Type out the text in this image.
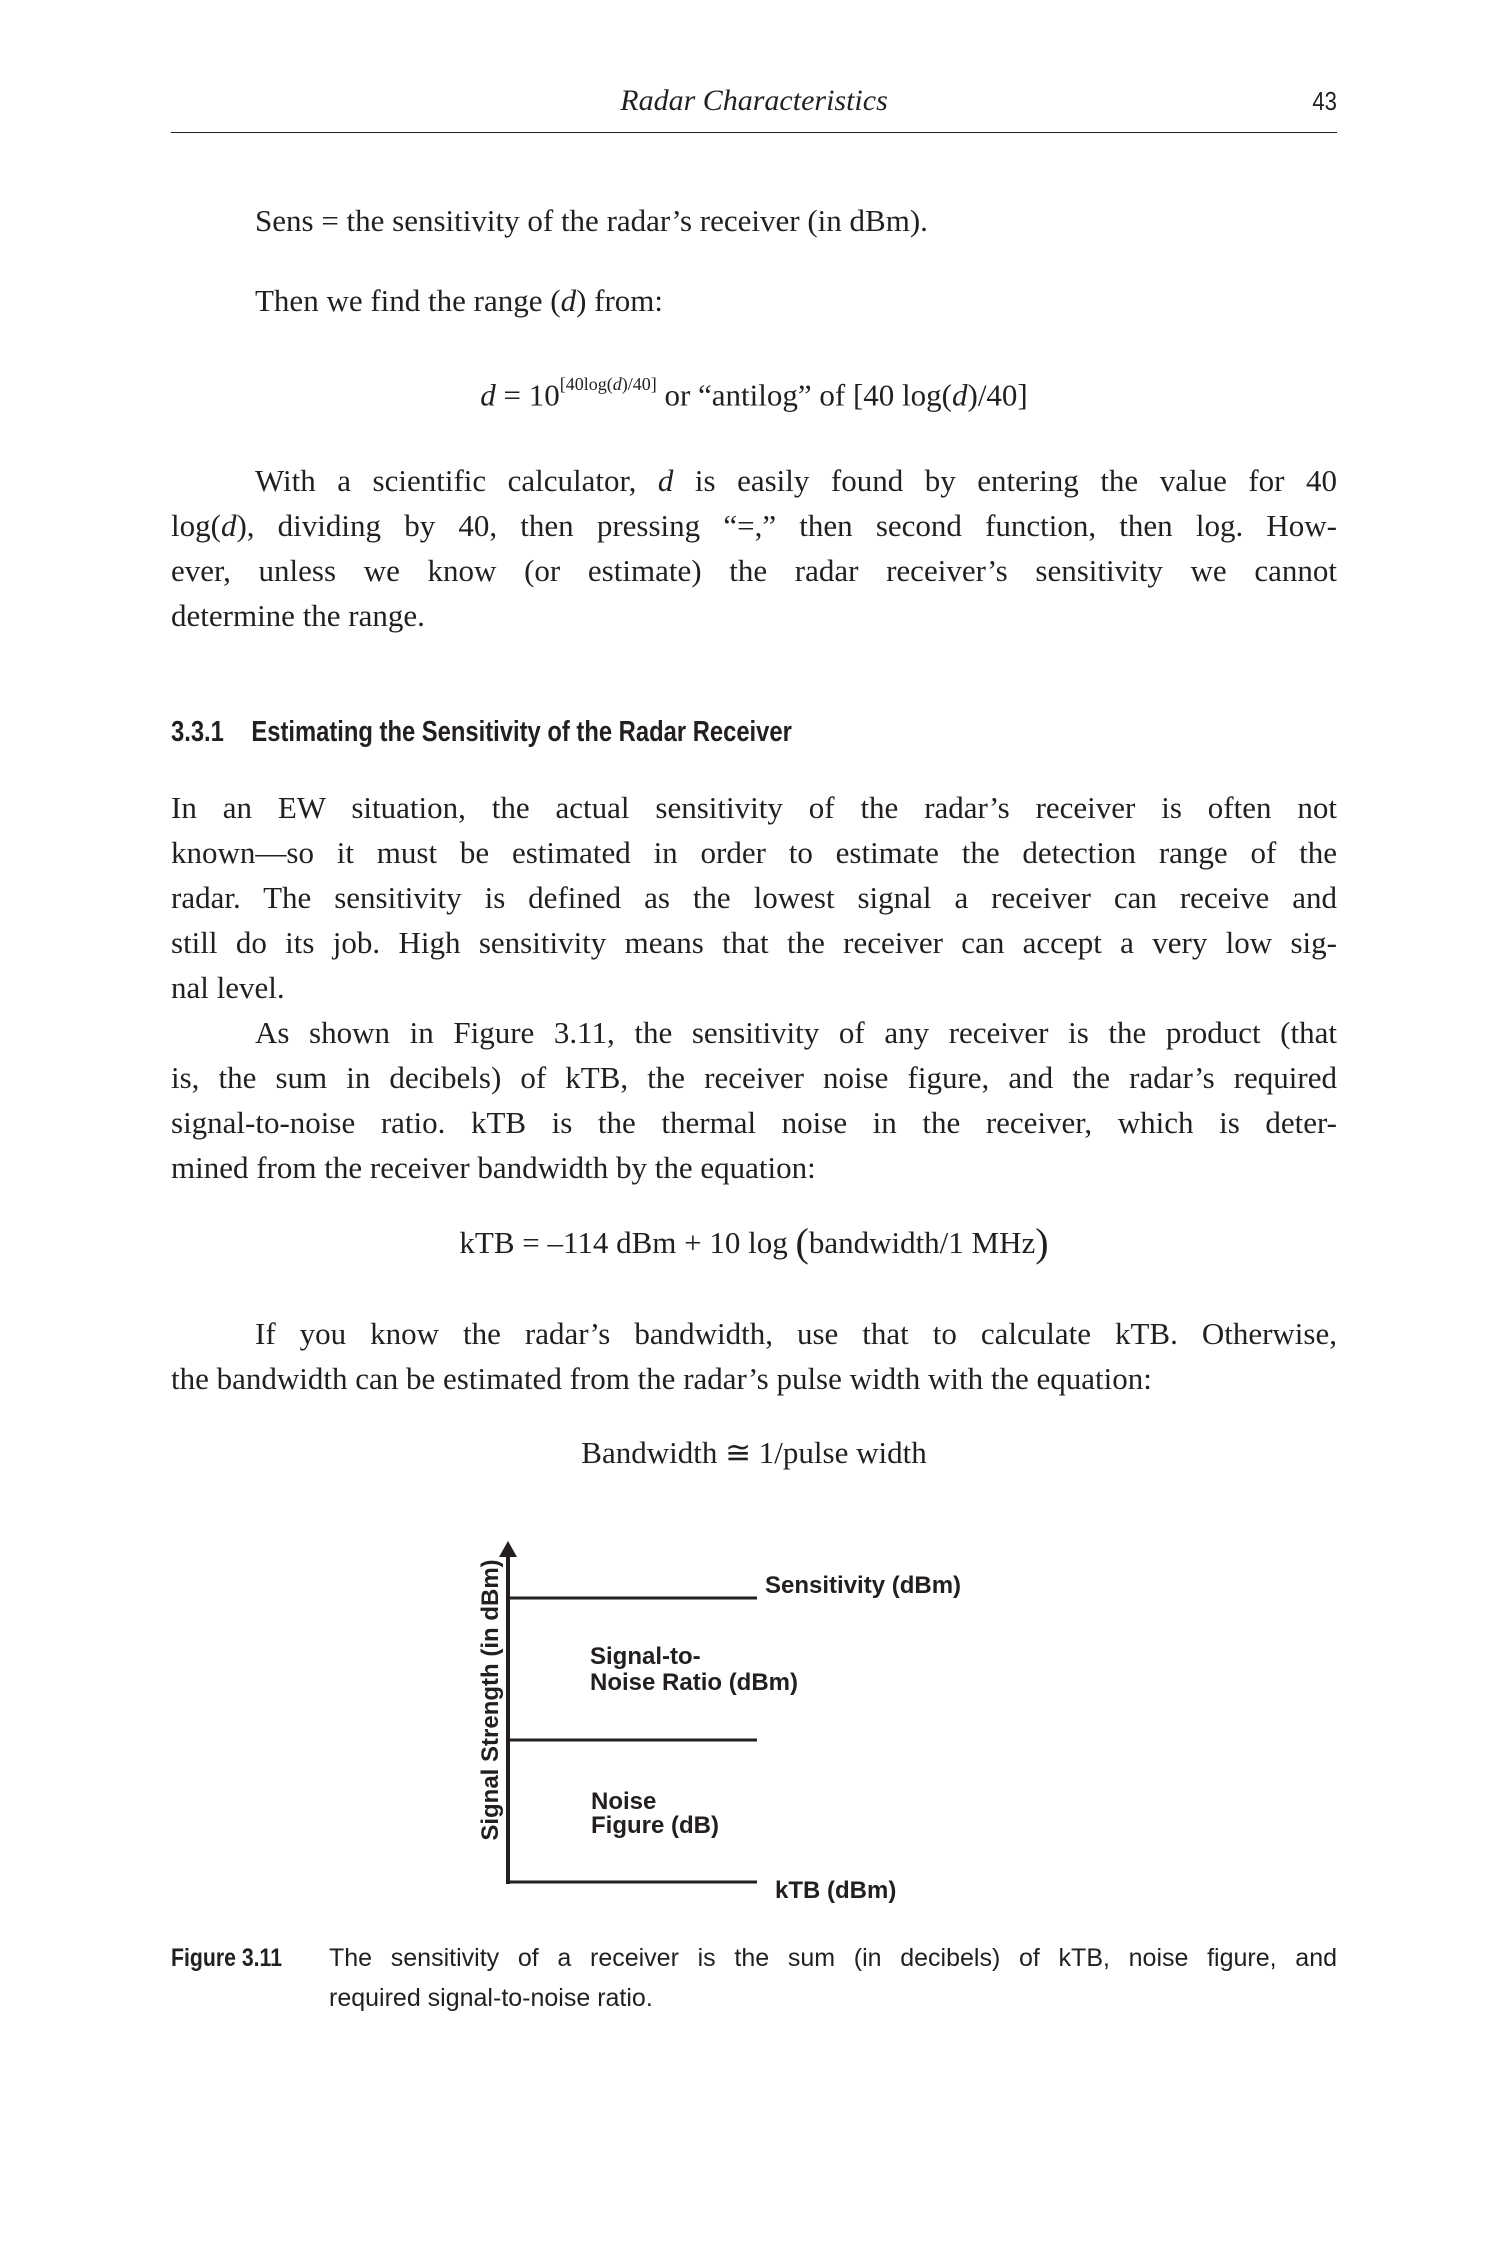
Radar Characteristics	43
Sens = the sensitivity of the radar’s receiver (in dBm).
Then we find the range (d) from:
d = 10[40log(d)/40] or “antilog” of [40 log(d)/40]
With a scientific calculator, d is easily found by entering the value for 40
log(d), dividing by 40, then pressing “=,” then second function, then log. How-
ever, unless we know (or estimate) the radar receiver’s sensitivity we cannot
determine the range.
3.3.1 Estimating the Sensitivity of the Radar Receiver
In an EW situation, the actual sensitivity of the radar’s receiver is often not
known—so it must be estimated in order to estimate the detection range of the
radar. The sensitivity is defined as the lowest signal a receiver can receive and
still do its job. High sensitivity means that the receiver can accept a very low sig-
nal level.
As shown in Figure 3.11, the sensitivity of any receiver is the product (that
is, the sum in decibels) of kTB, the receiver noise figure, and the radar’s required
signal-to-noise ratio. kTB is the thermal noise in the receiver, which is deter-
mined from the receiver bandwidth by the equation:
kTB = –114 dBm + 10 log (bandwidth/1 MHz)
If you know the radar’s bandwidth, use that to calculate kTB. Otherwise,
the bandwidth can be estimated from the radar’s pulse width with the equation:
Bandwidth ≅ 1/pulse width
Sensitivity (dBm)
kTB (dBm)
Signal-to-
Noise Ratio (dBm)
Noise
Figure (dB)
Signal Strength (in dBm)
Figure 3.11 The sensitivity of a receiver is the sum (in decibels) of kTB, noise figure, and
required signal-to-noise ratio.
